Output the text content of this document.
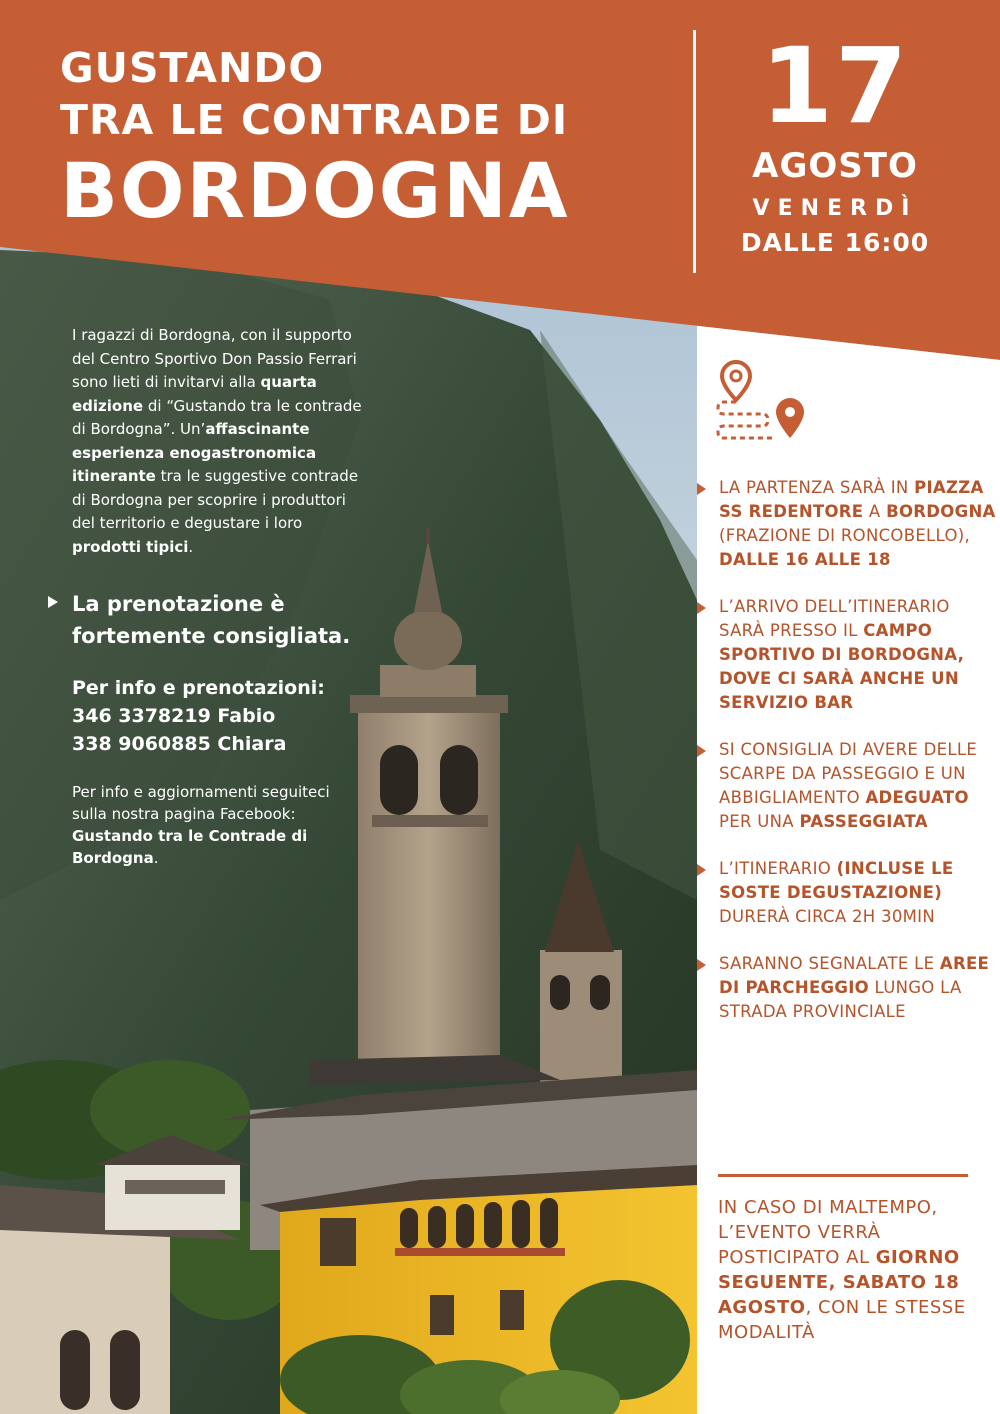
GUSTANDO
TRA LE CONTRADE DI
BORDOGNA
17
AGOSTO
VENERDÌ
DALLE 16:00
I ragazzi di Bordogna, con il supporto del Centro Sportivo Don Passio Ferrari sono lieti di invitarvi alla quarta edizione di “Gustando tra le contrade di Bordogna”. Un’affascinante esperienza enogastronomica itinerante tra le suggestive contrade di Bordogna per scoprire i produttori del territorio e degustare i loro prodotti tipici.
La prenotazione è fortemente consigliata.
Per info e prenotazioni:
346 3378219 Fabio
338 9060885 Chiara
Per info e aggiornamenti seguiteci sulla nostra pagina Facebook: Gustando tra le Contrade di Bordogna.
LA PARTENZA SARÀ IN PIAZZA SS REDENTORE A BORDOGNA (FRAZIONE DI RONCOBELLO), DALLE 16 ALLE 18
L’ARRIVO DELL’ITINERARIO SARÀ PRESSO IL CAMPO SPORTIVO DI BORDOGNA, DOVE CI SARÀ ANCHE UN SERVIZIO BAR
SI CONSIGLIA DI AVERE DELLE SCARPE DA PASSEGGIO E UN ABBIGLIAMENTO ADEGUATO PER UNA PASSEGGIATA
L’ITINERARIO (INCLUSE LE SOSTE DEGUSTAZIONE) DURERÀ CIRCA 2H 30MIN
SARANNO SEGNALATE LE AREE DI PARCHEGGIO LUNGO LA STRADA PROVINCIALE
IN CASO DI MALTEMPO, L’EVENTO VERRÀ POSTICIPATO AL GIORNO SEGUENTE, SABATO 18 AGOSTO, CON LE STESSE MODALITÀ
